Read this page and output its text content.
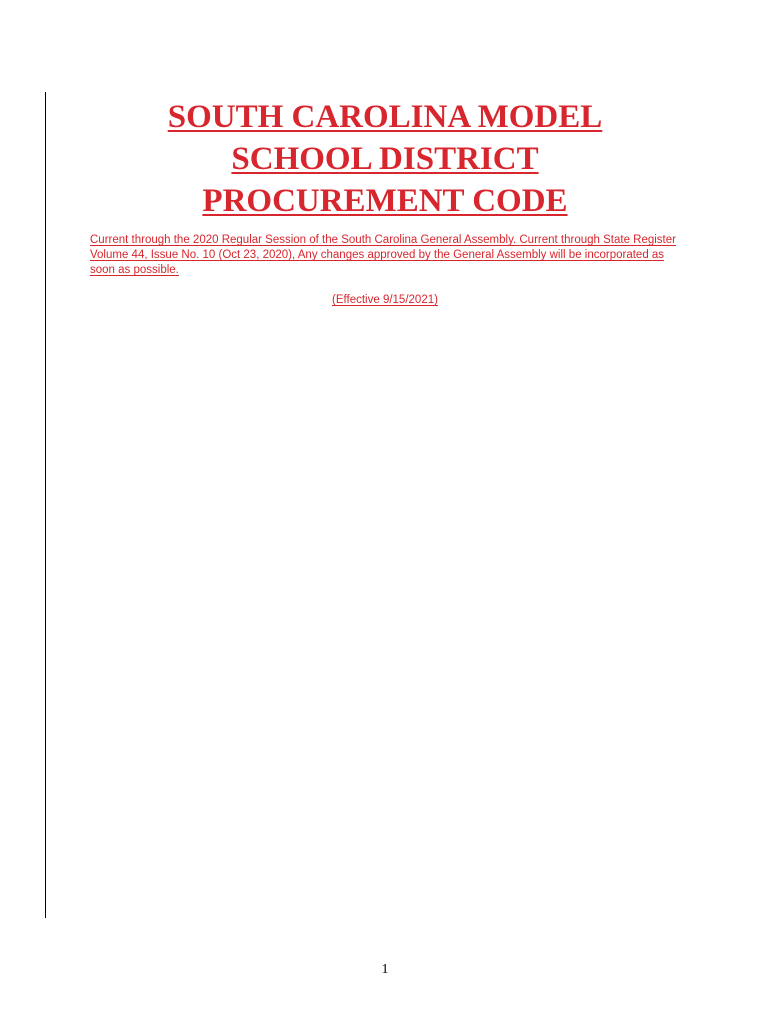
SOUTH CAROLINA MODEL
SCHOOL DISTRICT
PROCUREMENT CODE

Current through the 2020 Regular Session of the South Carolina General Assembly. Current through State Register Volume 44, Issue No. 10 (Oct 23, 2020), Any changes approved by the General Assembly will be incorporated as soon as possible.

(Effective 9/15/2021)

1
